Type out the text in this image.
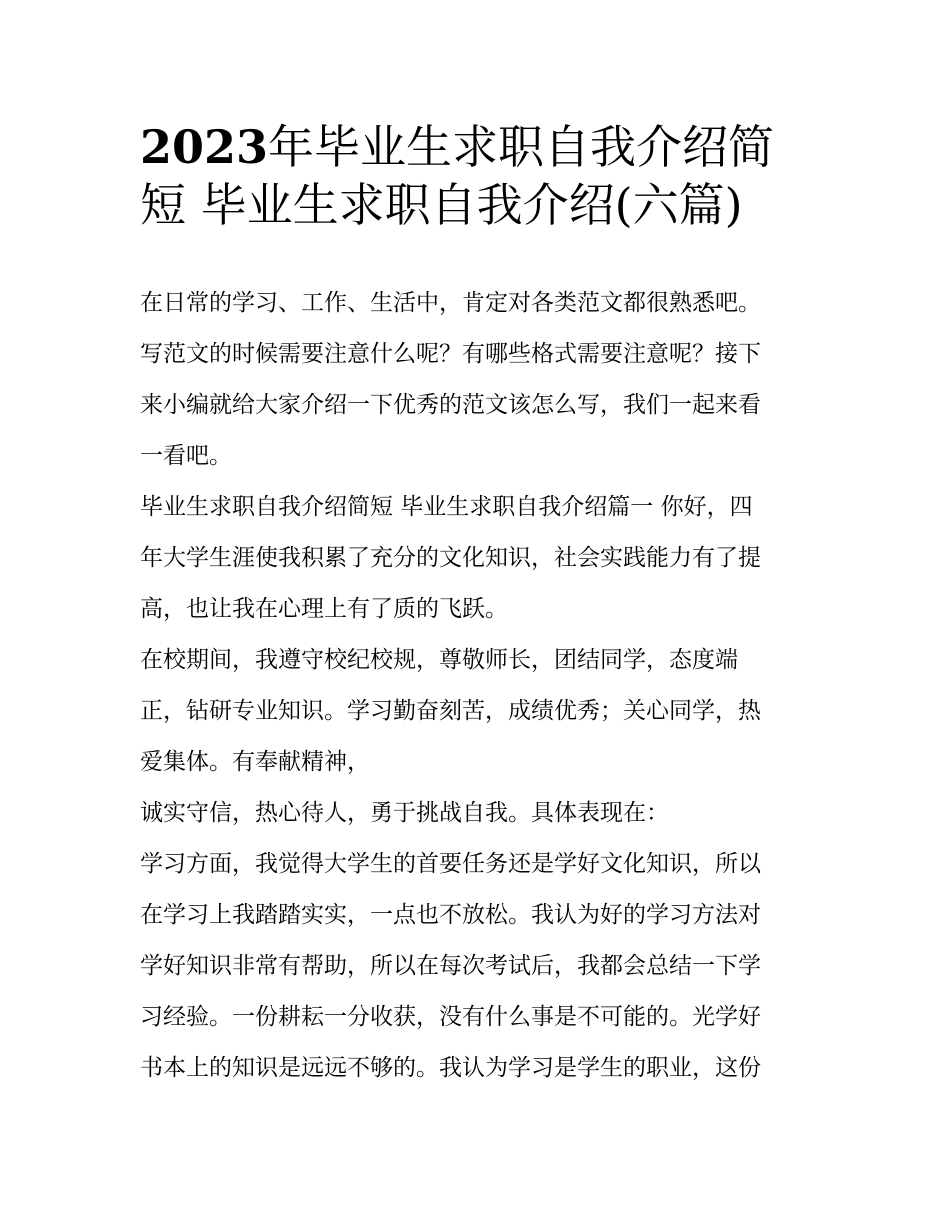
2023年毕业生求职自我介绍简
短 毕业生求职自我介绍(六篇)
在日常的学习、工作、生活中，肯定对各类范文都很熟悉吧。
写范文的时候需要注意什么呢？有哪些格式需要注意呢？接下
来小编就给大家介绍一下优秀的范文该怎么写，我们一起来看
一看吧。
毕业生求职自我介绍简短 毕业生求职自我介绍篇一 你好，四
年大学生涯使我积累了充分的文化知识，社会实践能力有了提
高，也让我在心理上有了质的飞跃。
在校期间，我遵守校纪校规，尊敬师长，团结同学，态度端
正，钻研专业知识。学习勤奋刻苦，成绩优秀；关心同学，热
爱集体。有奉献精神，
诚实守信，热心待人，勇于挑战自我。具体表现在：
学习方面，我觉得大学生的首要任务还是学好文化知识，所以
在学习上我踏踏实实，一点也不放松。我认为好的学习方法对
学好知识非常有帮助，所以在每次考试后，我都会总结一下学
习经验。一份耕耘一分收获，没有什么事是不可能的。光学好
书本上的知识是远远不够的。我认为学习是学生的职业，这份
